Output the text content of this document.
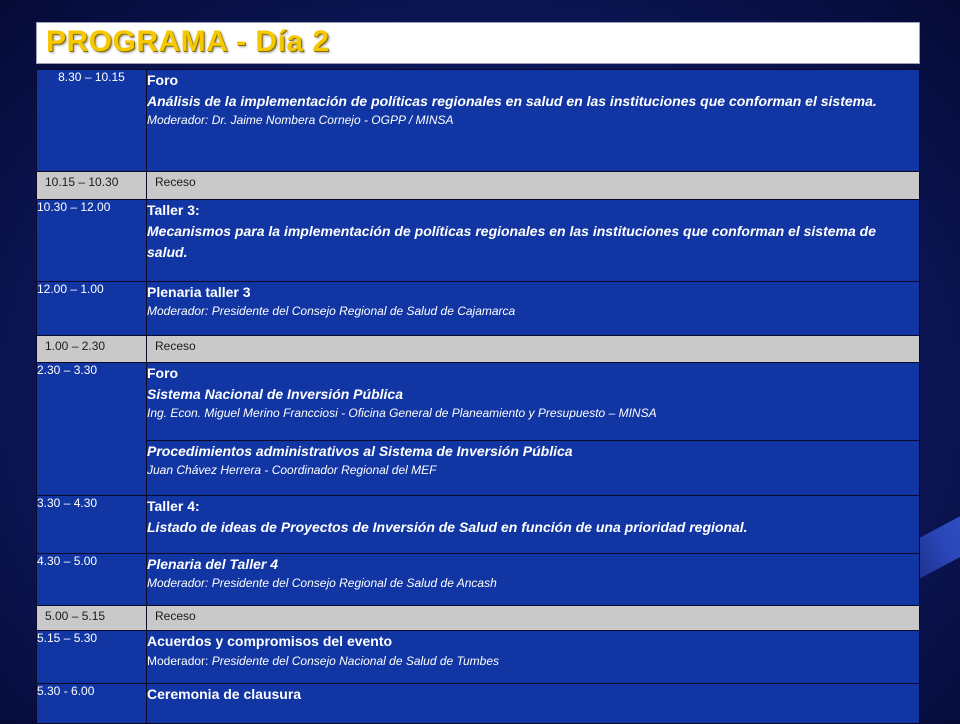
PROGRAMA - Día 2
8.30 – 10.15	Foro
Análisis de la implementación de políticas regionales en salud en las instituciones que conforman el sistema.
Moderador: Dr. Jaime Nombera Cornejo - OGPP / MINSA

10.15 – 10.30	Receso
10.30 – 12.00	Taller 3:
Mecanismos para la implementación de políticas regionales en las instituciones que conforman el sistema de salud.

12.00 – 1.00	Plenaria taller 3
Moderador: Presidente del Consejo Regional de Salud de Cajamarca

1.00 – 2.30	Receso
2.30 – 3.30	Foro
Sistema Nacional de Inversión Pública
Ing. Econ. Miguel Merino Francciosi - Oficina General de Planeamiento y Presupuesto – MINSA

	Procedimientos administrativos al Sistema de Inversión Pública
Juan Chávez Herrera - Coordinador Regional del MEF

3.30 – 4.30	Taller 4:
Listado de ideas de Proyectos de Inversión de Salud en función de una prioridad regional.

4.30 – 5.00	Plenaria del Taller 4
Moderador: Presidente del Consejo Regional de Salud de Ancash

5.00 – 5.15	Receso
5.15 – 5.30	Acuerdos y compromisos del evento
Moderador: Presidente del Consejo Nacional de Salud de Tumbes

5.30 - 6.00	Ceremonia de clausura
